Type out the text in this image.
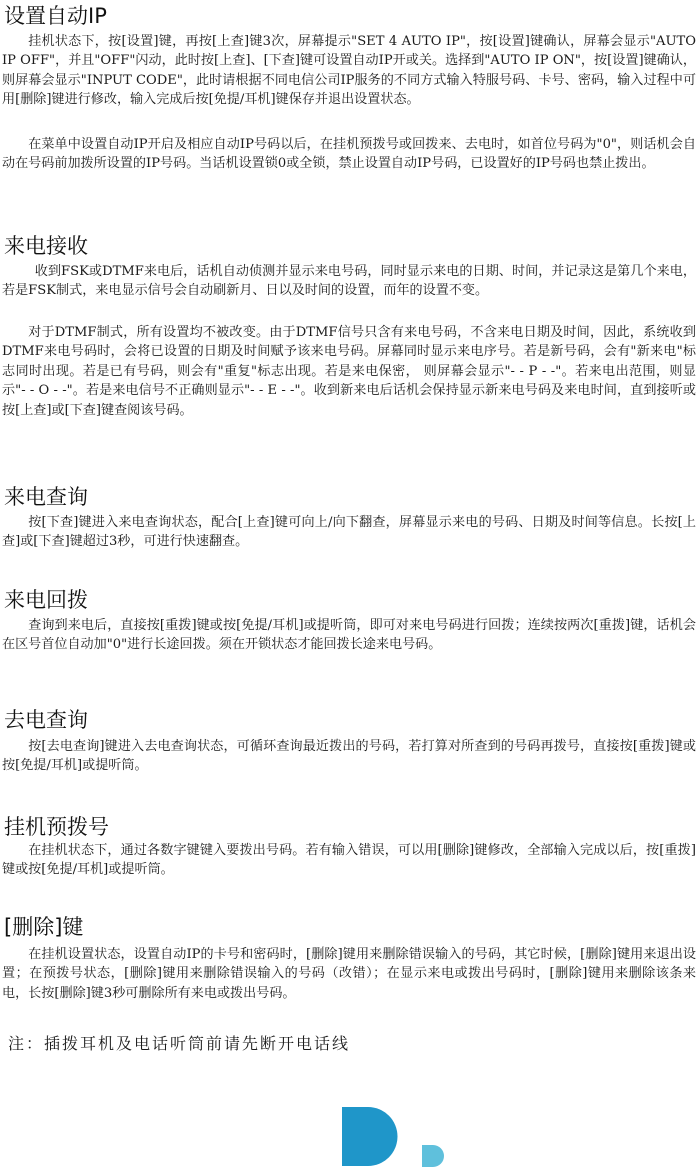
设置自动IP

挂机状态下，按[设置]键，再按[上查]键3次，屏幕提示"SET 4 AUTO IP"，按[设置]键确认，屏幕会显示"AUTO IP OFF"，并且"OFF"闪动，此时按[上查]、[下查]键可设置自动IP开或关。选择到"AUTO IP ON"，按[设置]键确认，则屏幕会显示"INPUT CODE"，此时请根据不同电信公司IP服务的不同方式输入特服号码、卡号、密码，输入过程中可用[删除]键进行修改，输入完成后按[免提/耳机]键保存并退出设置状态。

在菜单中设置自动IP开启及相应自动IP号码以后，在挂机预拨号或回拨来、去电时，如首位号码为"0"，则话机会自动在号码前加拨所设置的IP号码。当话机设置锁0或全锁，禁止设置自动IP号码，已设置好的IP号码也禁止拨出。

来电接收

收到FSK或DTMF来电后，话机自动侦测并显示来电号码，同时显示来电的日期、时间，并记录这是第几个来电，若是FSK制式，来电显示信号会自动刷新月、日以及时间的设置，而年的设置不变。

对于DTMF制式，所有设置均不被改变。由于DTMF信号只含有来电号码，不含来电日期及时间，因此，系统收到DTMF来电号码时，会将已设置的日期及时间赋予该来电号码。屏幕同时显示来电序号。若是新号码，会有"新来电"标志同时出现。若是已有号码，则会有"重复"标志出现。若是来电保密， 则屏幕会显示"- - P - -"。若来电出范围，则显示"- - O - -"。若是来电信号不正确则显示"- - E - -"。收到新来电后话机会保持显示新来电号码及来电时间，直到接听或按[上查]或[下查]键查阅该号码。

来电查询

按[下查]键进入来电查询状态，配合[上查]键可向上/向下翻查，屏幕显示来电的号码、日期及时间等信息。长按[上查]或[下查]键超过3秒，可进行快速翻查。

来电回拨

查询到来电后，直接按[重拨]键或按[免提/耳机]或提听筒，即可对来电号码进行回拨；连续按两次[重拨]键，话机会在区号首位自动加"0"进行长途回拨。须在开锁状态才能回拨长途来电号码。

去电查询

按[去电查询]键进入去电查询状态，可循环查询最近拨出的号码，若打算对所查到的号码再拨号，直接按[重拨]键或按[免提/耳机]或提听筒。

挂机预拨号

在挂机状态下，通过各数字键键入要拨出号码。若有输入错误，可以用[删除]键修改，全部输入完成以后，按[重拨]键或按[免提/耳机]或提听筒。

[删除]键

在挂机设置状态，设置自动IP的卡号和密码时，[删除]键用来删除错误输入的号码，其它时候，[删除]键用来退出设置；在预拨号状态，[删除]键用来删除错误输入的号码（改错）；在显示来电或拨出号码时，[删除]键用来删除该条来电，长按[删除]键3秒可删除所有来电或拨出号码。

注：插拨耳机及电话听筒前请先断开电话线
